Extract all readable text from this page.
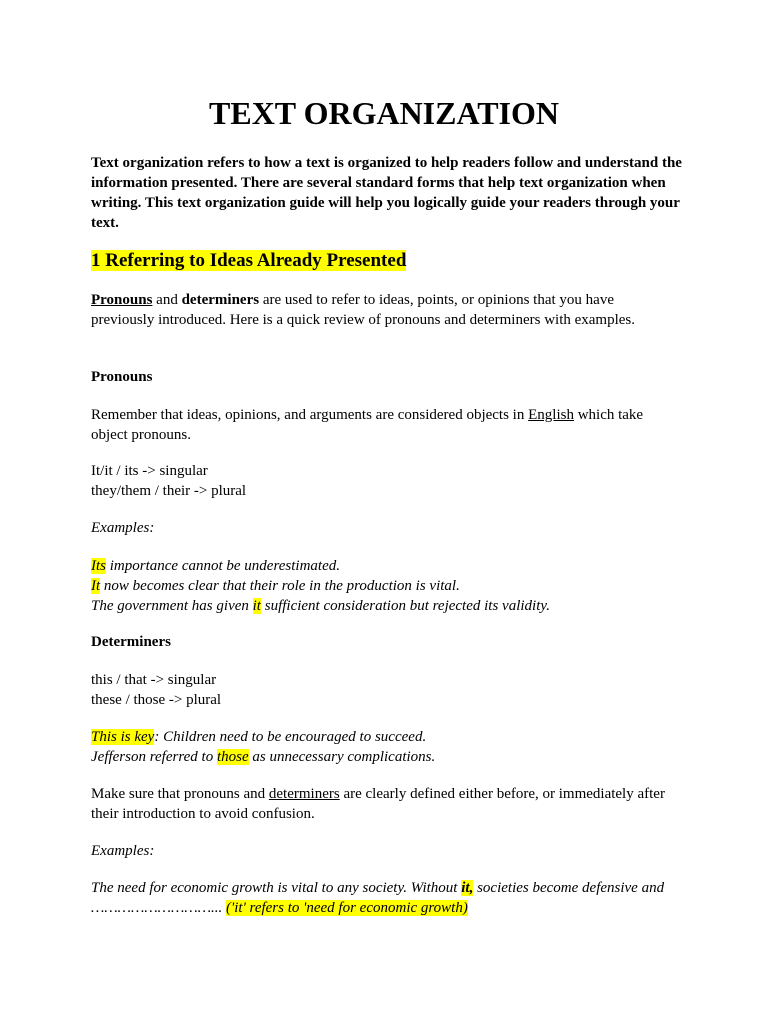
TEXT ORGANIZATION

Text organization refers to how a text is organized to help readers follow and understand the information presented. There are several standard forms that help text organization when writing. This text organization guide will help you logically guide your readers through your text.

1 Referring to Ideas Already Presented

Pronouns and determiners are used to refer to ideas, points, or opinions that you have previously introduced. Here is a quick review of pronouns and determiners with examples.

Pronouns

Remember that ideas, opinions, and arguments are considered objects in English which take object pronouns.

It/it / its -> singular
they/them / their -> plural

Examples:

Its importance cannot be underestimated.
It now becomes clear that their role in the production is vital.
The government has given it sufficient consideration but rejected its validity.

Determiners

this / that -> singular
these / those -> plural

This is key: Children need to be encouraged to succeed.
Jefferson referred to those as unnecessary complications.

Make sure that pronouns and determiners are clearly defined either before, or immediately after their introduction to avoid confusion.

Examples:

The need for economic growth is vital to any society. Without it, societies become defensive and ………………………... ('it' refers to 'need for economic growth)
